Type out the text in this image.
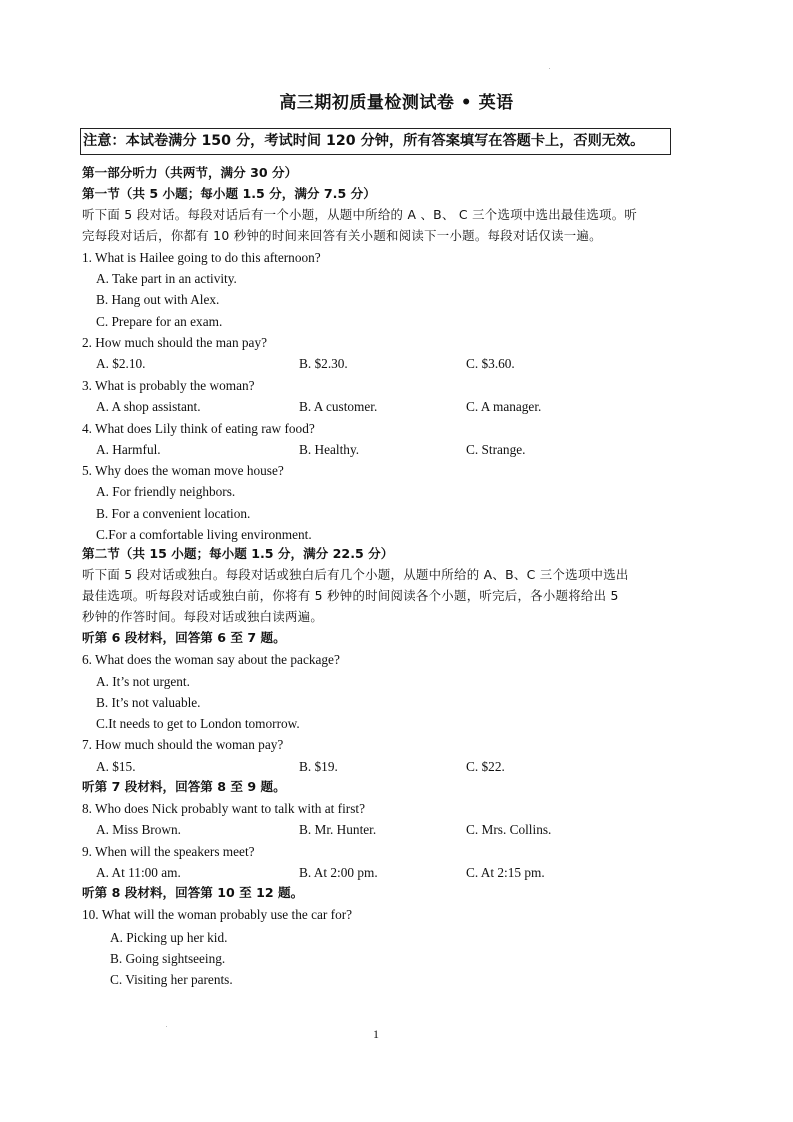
高三期初质量检测试卷 • 英语
注意：本试卷满分 150 分，考试时间 120 分钟，所有答案填写在答题卡上，否则无效。
第一部分听力（共两节，满分 30 分）
第一节（共 5 小题；每小题 1.5 分，满分 7.5 分）
听下面 5 段对话。每段对话后有一个小题，从题中所给的 A 、B、 C 三个选项中选出最佳选项。听
完每段对话后，你都有 10 秒钟的时间来回答有关小题和阅读下一小题。每段对话仅读一遍。
1. What is Hailee going to do this afternoon?
A. Take part in an activity.
B. Hang out with Alex.
C. Prepare for an exam.
2. How much should the man pay?
A. $2.10.	B. $2.30.	C. $3.60.
3. What is probably the woman?
A. A shop assistant.	B. A customer.	C. A manager.
4. What does Lily think of eating raw food?
A. Harmful.	B. Healthy.	C. Strange.
5. Why does the woman move house?
A. For friendly neighbors.
B. For a convenient location.
C.For a comfortable living environment.
第二节（共 15 小题；每小题 1.5 分，满分 22.5 分）
听下面 5 段对话或独白。每段对话或独白后有几个小题，从题中所给的 A、B、C 三个选项中选出
最佳选项。听每段对话或独白前，你将有 5 秒钟的时间阅读各个小题，听完后，各小题将给出 5
秒钟的作答时间。每段对话或独白读两遍。
听第 6 段材料，回答第 6 至 7 题。
6. What does the woman say about the package?
A. It’s not urgent.
B. It’s not valuable.
C.It needs to get to London tomorrow.
7. How much should the woman pay?
A. $15.	B. $19.	C. $22.
听第 7 段材料，回答第 8 至 9 题。
8. Who does Nick probably want to talk with at first?
A. Miss Brown.	B. Mr. Hunter.	C. Mrs. Collins.
9. When will the speakers meet?
A. At 11:00 am.	B. At 2:00 pm.	C. At 2:15 pm.
听第 8 段材料，回答第 10 至 12 题。
10. What will the woman probably use the car for?
A. Picking up her kid.
B. Going sightseeing.
C. Visiting her parents.
1
